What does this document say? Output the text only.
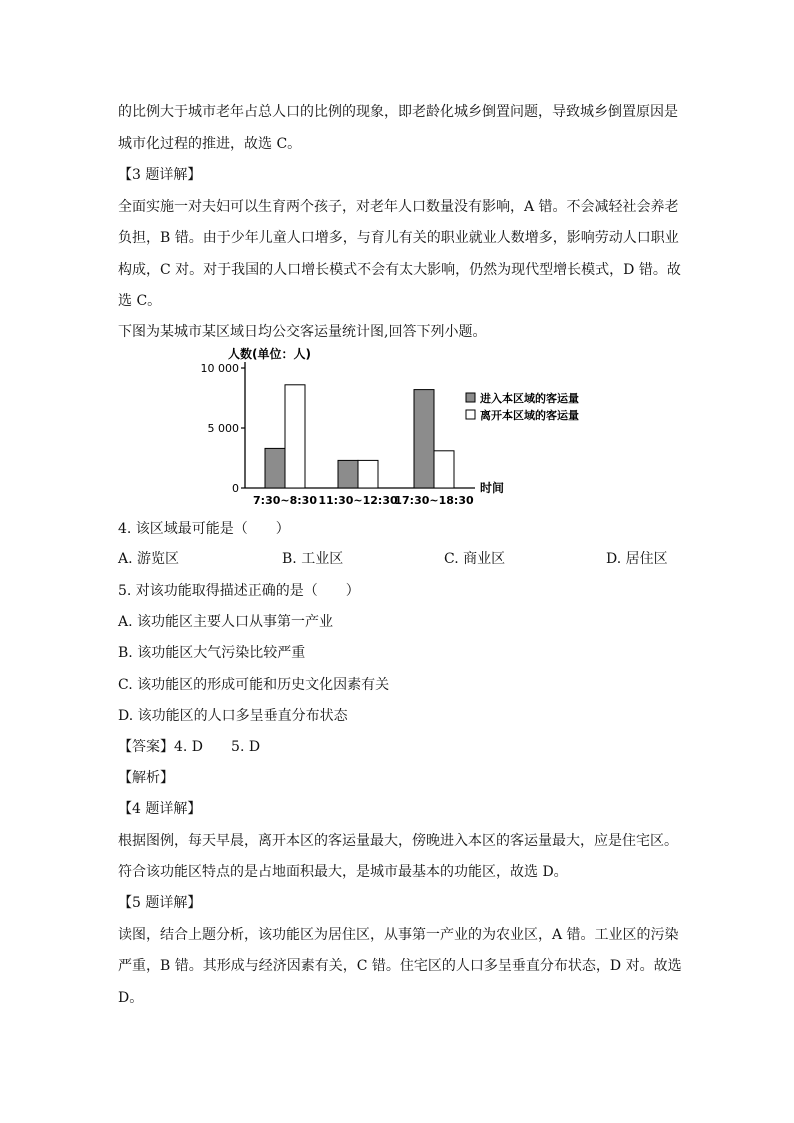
的比例大于城市老年占总人口的比例的现象，即老龄化城乡倒置问题，导致城乡倒置原因是
城市化过程的推进，故选 C。
【3 题详解】
全面实施一对夫妇可以生育两个孩子，对老年人口数量没有影响，A 错。不会减轻社会养老
负担，B 错。由于少年儿童人口增多，与育儿有关的职业就业人数增多，影响劳动人口职业
构成，C 对。对于我国的人口增长模式不会有太大影响，仍然为现代型增长模式，D 错。故
选 C。
下图为某城市某区域日均公交客运量统计图,回答下列小题。
人数(单位：人)
时间
0
5 000
10 000
7:30~8:30 11:30~12:30
17:30~18:30
进入本区域的客运量
离开本区域的客运量
4. 该区域最可能是（　　）
A. 游览区	B. 工业区	C. 商业区	D. 居住区
5. 对该功能取得描述正确的是（　　）
A. 该功能区主要人口从事第一产业
B. 该功能区大气污染比较严重
C. 该功能区的形成可能和历史文化因素有关
D. 该功能区的人口多呈垂直分布状态
【答案】4. D　　5. D
【解析】
【4 题详解】
根据图例，每天早晨，离开本区的客运量最大，傍晚进入本区的客运量最大，应是住宅区。
符合该功能区特点的是占地面积最大，是城市最基本的功能区，故选 D。
【5 题详解】
读图，结合上题分析，该功能区为居住区，从事第一产业的为农业区，A 错。工业区的污染
严重，B 错。其形成与经济因素有关，C 错。住宅区的人口多呈垂直分布状态，D 对。故选
D。
